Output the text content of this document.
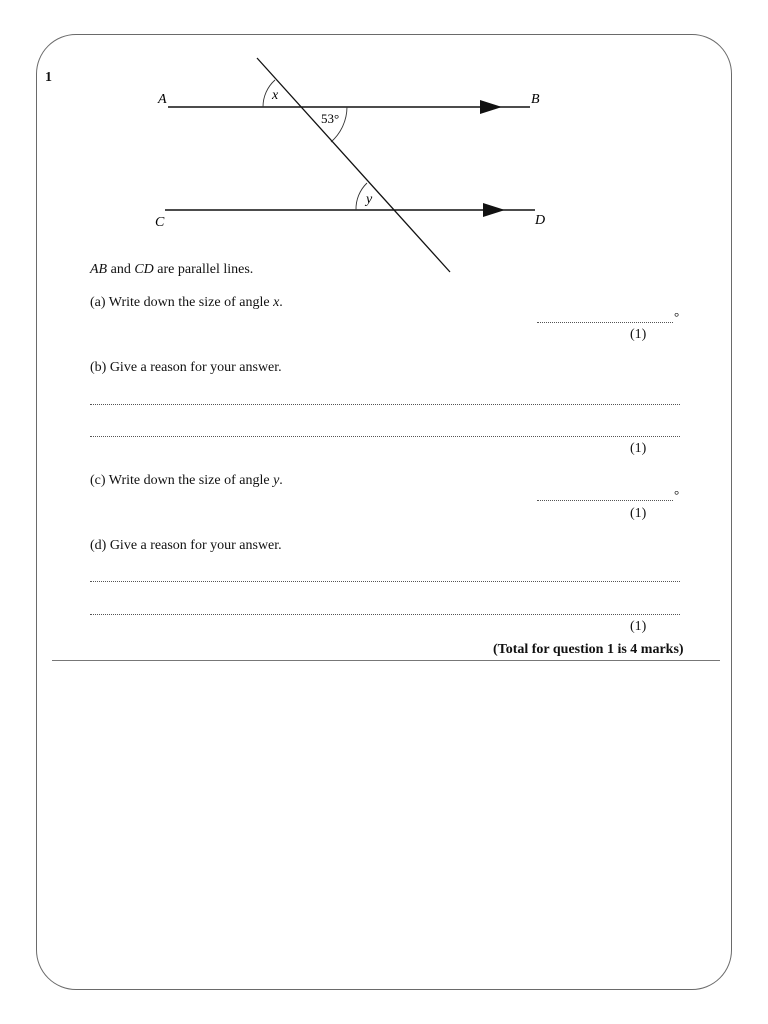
1
A	B
C	D
x
53°
y
AB and CD are parallel lines.
(a) Write down the size of angle x.
°
(1)
(b) Give a reason for your answer.
(1)
(c) Write down the size of angle y.
°
(1)
(d) Give a reason for your answer.
(1)
(Total for question 1 is 4 marks)
